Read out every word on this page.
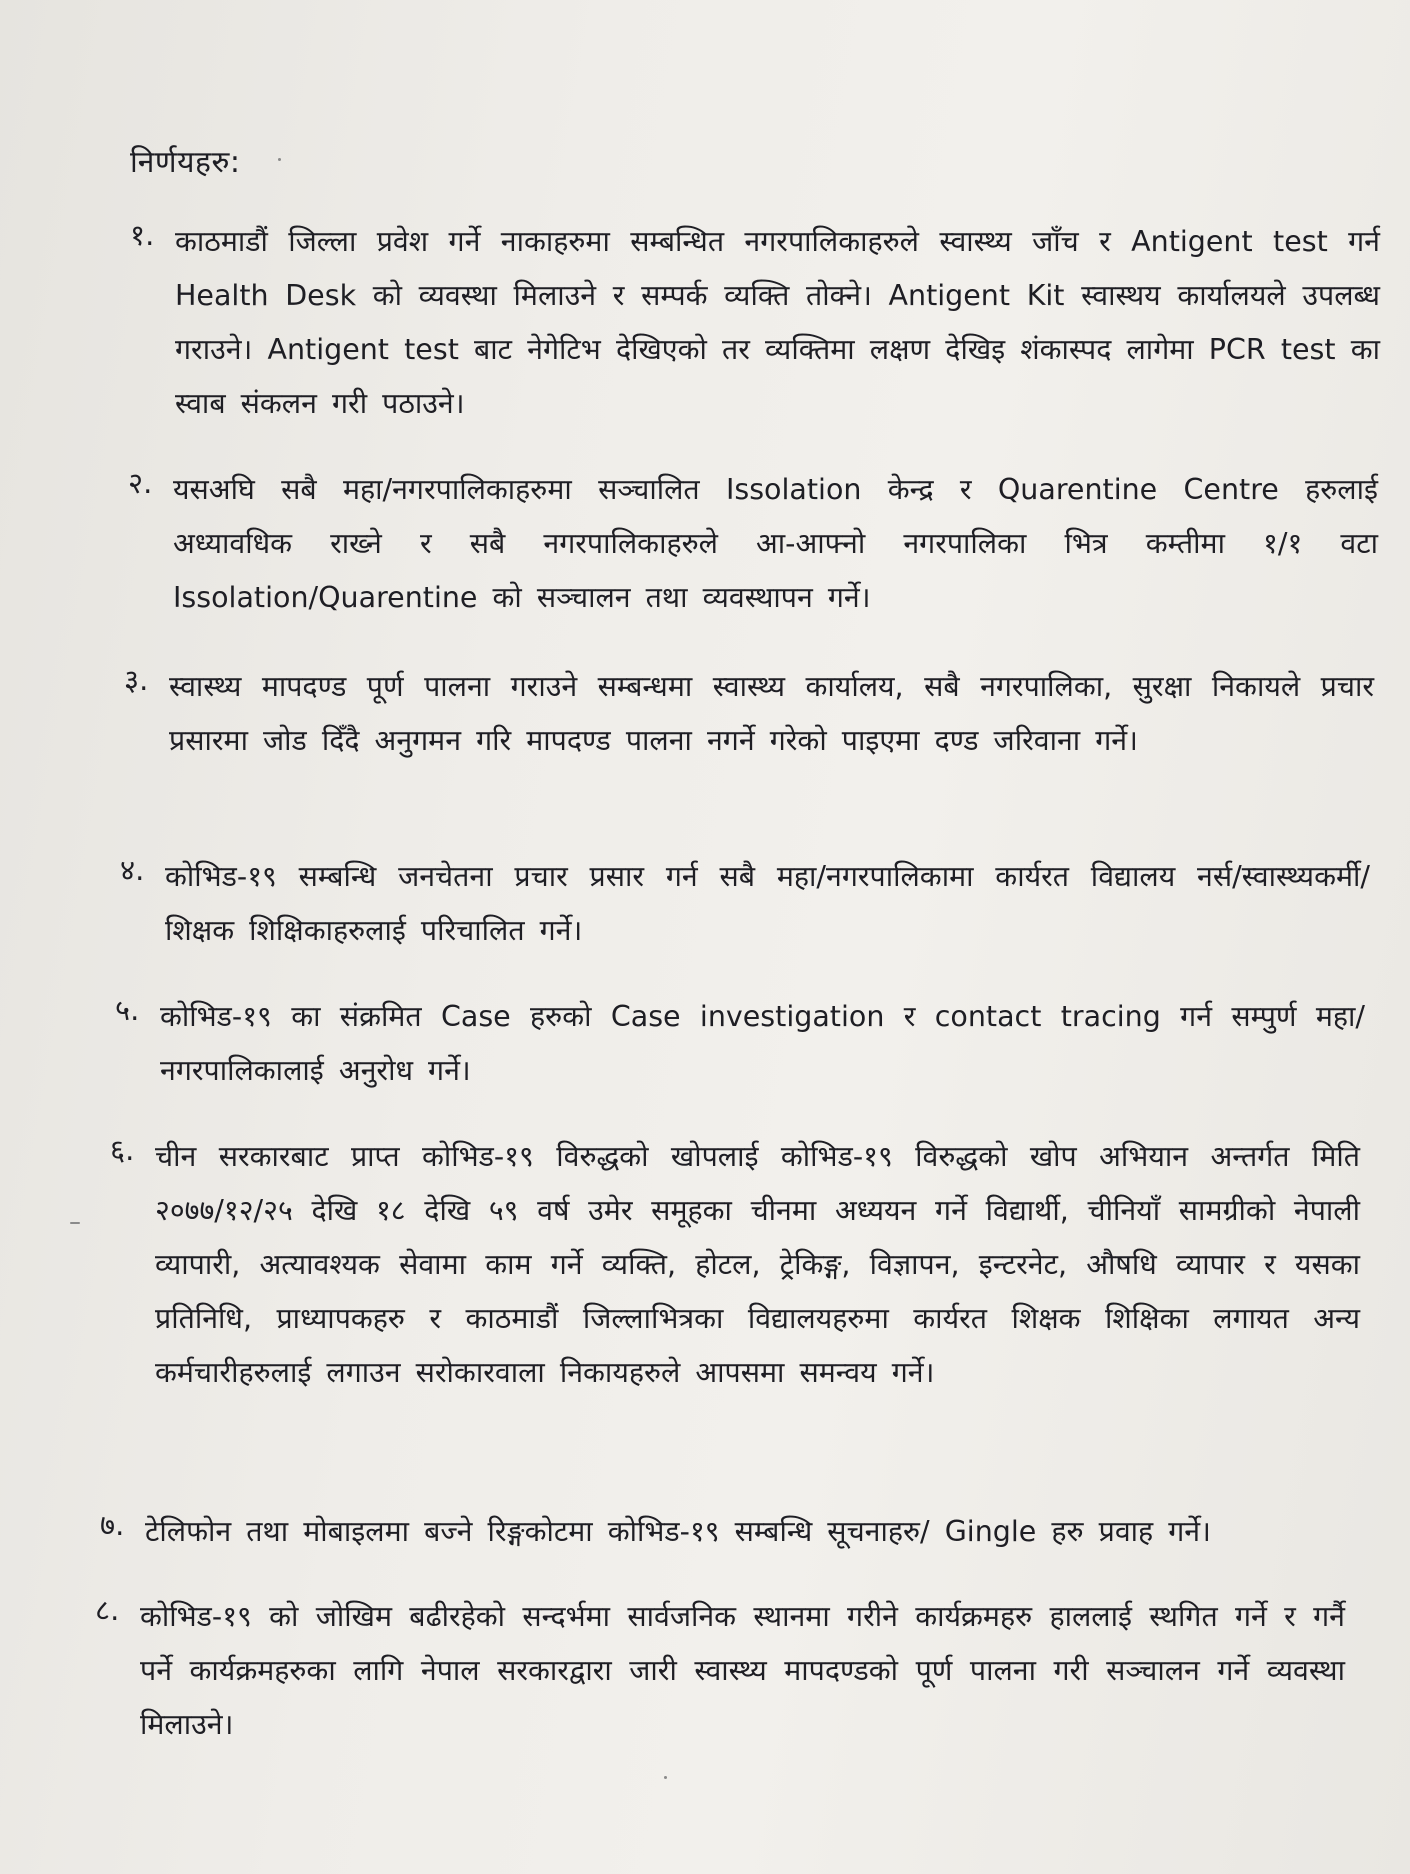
निर्णयहरु:
१. काठमाडौं जिल्ला प्रवेश गर्ने नाकाहरुमा सम्बन्धित नगरपालिकाहरुले स्वास्थ्य जाँच र Antigent test गर्न Health Desk को व्यवस्था मिलाउने र सम्पर्क व्यक्ति तोक्ने। Antigent Kit स्वास्थय कार्यालयले उपलब्ध गराउने। Antigent test बाट नेगेटिभ देखिएको तर व्यक्तिमा लक्षण देखिइ शंकास्पद लागेमा PCR test का स्वाब संकलन गरी पठाउने।
२. यसअघि सबै महा/नगरपालिकाहरुमा सञ्चालित Issolation केन्द्र र Quarentine Centre हरुलाई अध्यावधिक राख्ने र सबै नगरपालिकाहरुले आ-आफ्नो नगरपालिका भित्र कम्तीमा १/१ वटा Issolation/Quarentine को सञ्चालन तथा व्यवस्थापन गर्ने।
३. स्वास्थ्य मापदण्ड पूर्ण पालना गराउने सम्बन्धमा स्वास्थ्य कार्यालय, सबै नगरपालिका, सुरक्षा निकायले प्रचार प्रसारमा जोड दिँदै अनुगमन गरि मापदण्ड पालना नगर्ने गरेको पाइएमा दण्ड जरिवाना गर्ने।
४. कोभिड-१९ सम्बन्धि जनचेतना प्रचार प्रसार गर्न सबै महा/नगरपालिकामा कार्यरत विद्यालय नर्स/स्वास्थ्यकर्मी/शिक्षक शिक्षिकाहरुलाई परिचालित गर्ने।
५. कोभिड-१९ का संक्रमित Case हरुको Case investigation र contact tracing गर्न सम्पुर्ण महा/नगरपालिकालाई अनुरोध गर्ने।
६. चीन सरकारबाट प्राप्त कोभिड-१९ विरुद्धको खोपलाई कोभिड-१९ विरुद्धको खोप अभियान अन्तर्गत मिति २०७७/१२/२५ देखि १८ देखि ५९ वर्ष उमेर समूहका चीनमा अध्ययन गर्ने विद्यार्थी, चीनियाँ सामग्रीको नेपाली व्यापारी, अत्यावश्यक सेवामा काम गर्ने व्यक्ति, होटल, ट्रेकिङ्ग, विज्ञापन, इन्टरनेट, औषधि व्यापार र यसका प्रतिनिधि, प्राध्यापकहरु र काठमाडौं जिल्लाभित्रका विद्यालयहरुमा कार्यरत शिक्षक शिक्षिका लगायत अन्य कर्मचारीहरुलाई लगाउन सरोकारवाला निकायहरुले आपसमा समन्वय गर्ने।
७. टेलिफोन तथा मोबाइलमा बज्ने रिङ्गकोटमा कोभिड-१९ सम्बन्धि सूचनाहरु/ Gingle हरु प्रवाह गर्ने।
८. कोभिड-१९ को जोखिम बढीरहेको सन्दर्भमा सार्वजनिक स्थानमा गरीने कार्यक्रमहरु हाललाई स्थगित गर्ने र गर्नै पर्ने कार्यक्रमहरुका लागि नेपाल सरकारद्वारा जारी स्वास्थ्य मापदण्डको पूर्ण पालना गरी सञ्चालन गर्ने व्यवस्था मिलाउने।
